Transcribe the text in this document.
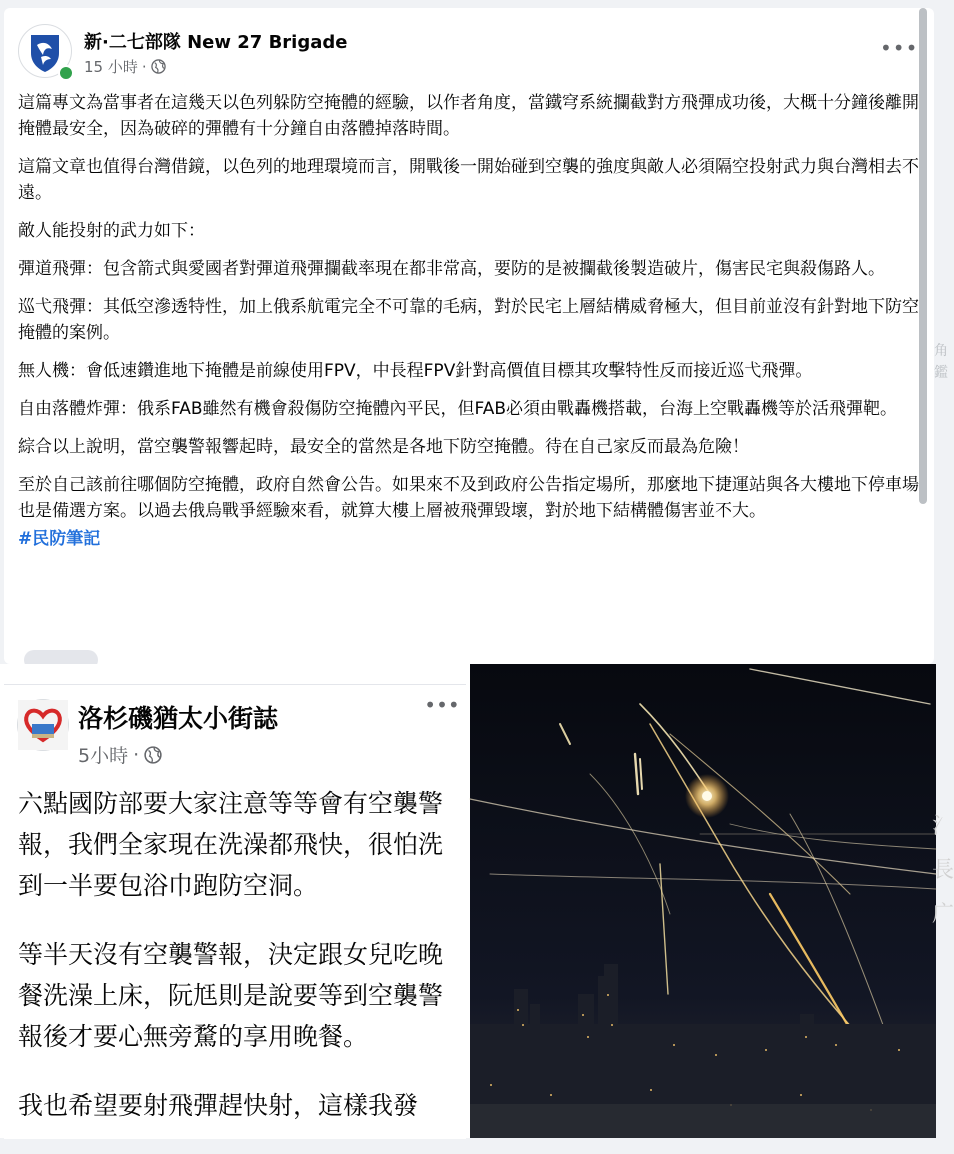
新·二七部隊 New 27 Brigade
15 小時 ·
•••

這篇專文為當事者在這幾天以色列躲防空掩體的經驗，以作者角度，當鐵穹系統攔截對方飛彈成功後，大概十分鐘後離開掩體最安全，因為破碎的彈體有十分鐘自由落體掉落時間。

這篇文章也值得台灣借鏡，以色列的地理環境而言，開戰後一開始碰到空襲的強度與敵人必須隔空投射武力與台灣相去不遠。

敵人能投射的武力如下：

彈道飛彈：包含箭式與愛國者對彈道飛彈攔截率現在都非常高，要防的是被攔截後製造破片，傷害民宅與殺傷路人。

巡弋飛彈：其低空滲透特性，加上俄系航電完全不可靠的毛病，對於民宅上層結構威脅極大，但目前並沒有針對地下防空掩體的案例。

無人機：會低速鑽進地下掩體是前線使用FPV，中長程FPV針對高價值目標其攻擊特性反而接近巡弋飛彈。

自由落體炸彈：俄系FAB雖然有機會殺傷防空掩體內平民，但FAB必須由戰轟機搭載，台海上空戰轟機等於活飛彈靶。

綜合以上說明，當空襲警報響起時，最安全的當然是各地下防空掩體。待在自己家反而最為危險！

至於自己該前往哪個防空掩體，政府自然會公告。如果來不及到政府公告指定場所，那麼地下捷運站與各大樓地下停車場也是備選方案。以過去俄烏戰爭經驗來看，就算大樓上層被飛彈毀壞，對於地下結構體傷害並不大。

#民防筆記
角 鑑
洛杉磯猶太小街誌
5小時 ·
•••

六點國防部要大家注意等等會有空襲警報，我們全家現在洗澡都飛快，很怕洗到一半要包浴巾跑防空洞。

等半天沒有空襲警報，決定跟女兒吃晚餐洗澡上床，阮尪則是說要等到空襲警報後才要心無旁騖的享用晚餐。

我也希望要射飛彈趕快射，這樣我發

氵 長 广
